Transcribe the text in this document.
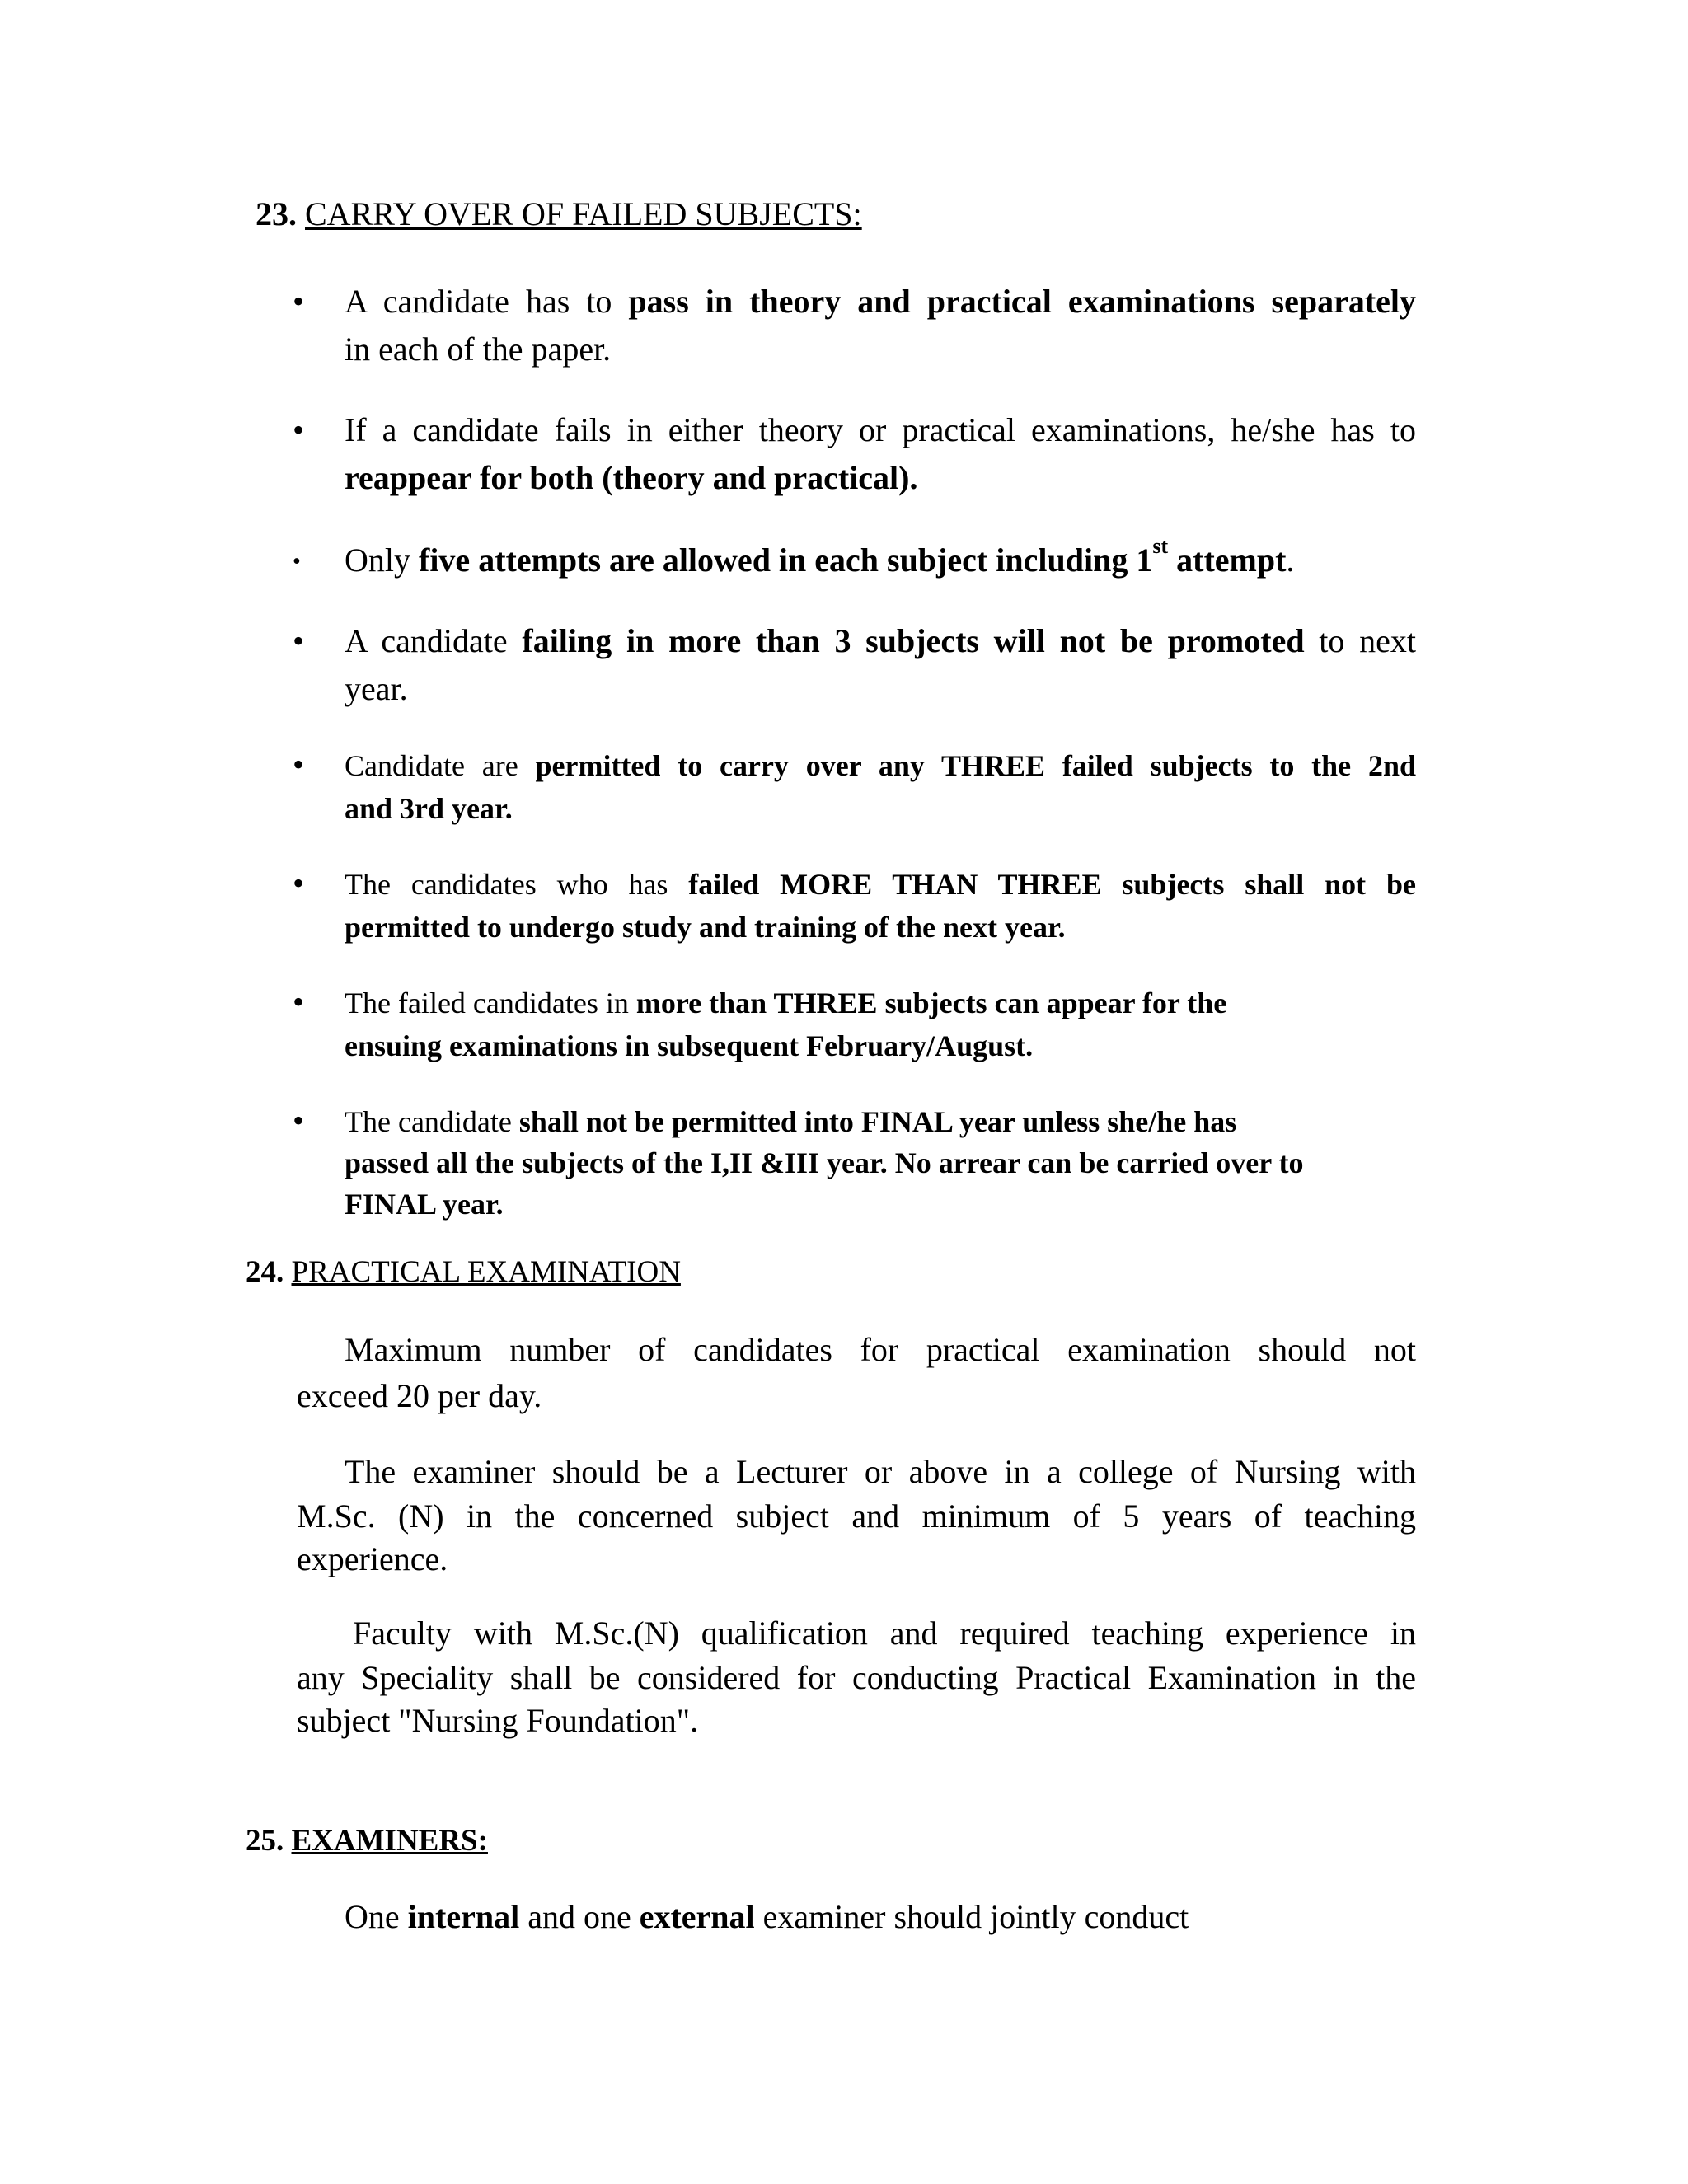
23. CARRY OVER OF FAILED SUBJECTS:
• A candidate has to pass in theory and practical examinations separately
in each of the paper.
• If a candidate fails in either theory or practical examinations, he/she has to
reappear for both (theory and practical).
• Only five attempts are allowed in each subject including 1st attempt.
• A candidate failing in more than 3 subjects will not be promoted to next
year.
• Candidate are permitted to carry over any THREE failed subjects to the 2nd
and 3rd year.
• The candidates who has failed MORE THAN THREE subjects shall not be
permitted to undergo study and training of the next year.
• The failed candidates in more than THREE subjects can appear for the
ensuing examinations in subsequent February/August.
• The candidate shall not be permitted into FINAL year unless she/he has
passed all the subjects of the I,II &III year. No arrear can be carried over to
FINAL year.
24. PRACTICAL EXAMINATION
Maximum number of candidates for practical examination should not
exceed 20 per day.
The examiner should be a Lecturer or above in a college of Nursing with
M.Sc. (N) in the concerned subject and minimum of 5 years of teaching
experience.
Faculty with M.Sc.(N) qualification and required teaching experience in
any Speciality shall be considered for conducting Practical Examination in the
subject "Nursing Foundation".
25. EXAMINERS:
One internal and one external examiner should jointly conduct
